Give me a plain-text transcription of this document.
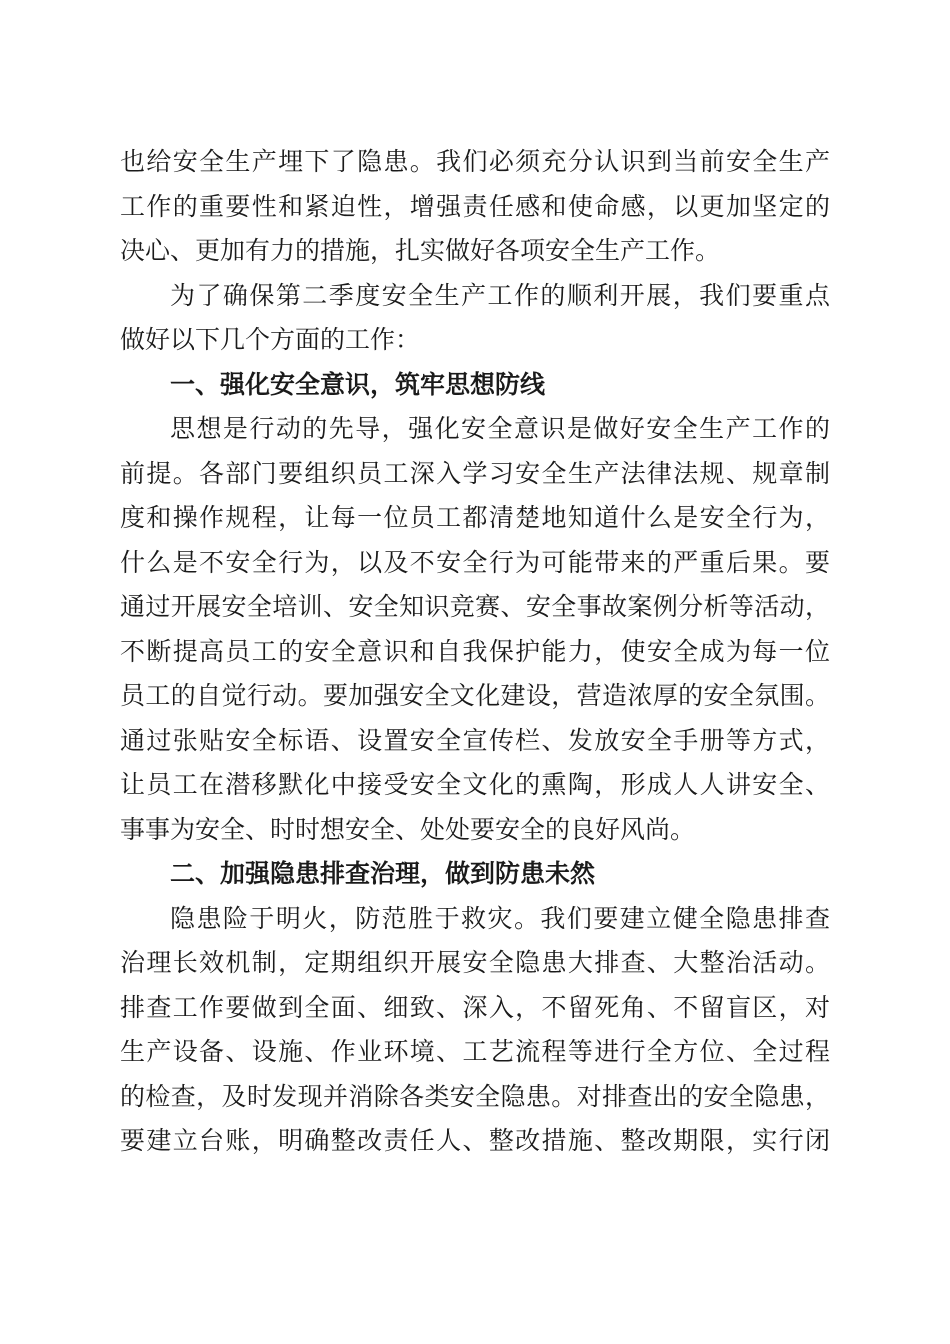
也给安全生产埋下了隐患。我们必须充分认识到当前安全生产
工作的重要性和紧迫性，增强责任感和使命感，以更加坚定的
决心、更加有力的措施，扎实做好各项安全生产工作。
为了确保第二季度安全生产工作的顺利开展，我们要重点
做好以下几个方面的工作：
一、强化安全意识，筑牢思想防线
思想是行动的先导，强化安全意识是做好安全生产工作的
前提。各部门要组织员工深入学习安全生产法律法规、规章制
度和操作规程，让每一位员工都清楚地知道什么是安全行为，
什么是不安全行为，以及不安全行为可能带来的严重后果。要
通过开展安全培训、安全知识竞赛、安全事故案例分析等活动，
不断提高员工的安全意识和自我保护能力，使安全成为每一位
员工的自觉行动。要加强安全文化建设，营造浓厚的安全氛围。
通过张贴安全标语、设置安全宣传栏、发放安全手册等方式，
让员工在潜移默化中接受安全文化的熏陶，形成人人讲安全、
事事为安全、时时想安全、处处要安全的良好风尚。
二、加强隐患排查治理，做到防患未然
隐患险于明火，防范胜于救灾。我们要建立健全隐患排查
治理长效机制，定期组织开展安全隐患大排查、大整治活动。
排查工作要做到全面、细致、深入，不留死角、不留盲区，对
生产设备、设施、作业环境、工艺流程等进行全方位、全过程
的检查，及时发现并消除各类安全隐患。对排查出的安全隐患，
要建立台账，明确整改责任人、整改措施、整改期限，实行闭
